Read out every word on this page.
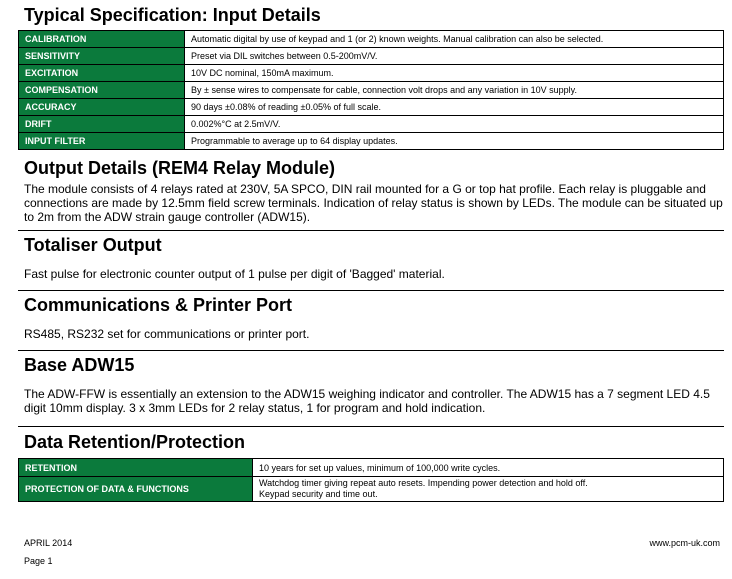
Typical Specification: Input Details
CALIBRATION	Automatic digital by use of keypad and 1 (or 2) known weights. Manual calibration can also be selected.
SENSITIVITY	Preset via DIL switches between 0.5-200mV/V.
EXCITATION	10V DC nominal, 150mA maximum.
COMPENSATION	By ± sense wires to compensate for cable, connection volt drops and any variation in 10V supply.
ACCURACY	90 days ±0.08% of reading ±0.05% of full scale.
DRIFT	0.002%°C at 2.5mV/V.
INPUT FILTER	Programmable to average up to 64 display updates.
Output Details (REM4 Relay Module)

The module consists of 4 relays rated at 230V, 5A SPCO, DIN rail mounted for a G or top hat profile. Each relay is pluggable and connections are made by 12.5mm field screw terminals. Indication of relay status is shown by LEDs. The module can be situated up to 2m from the ADW strain gauge controller (ADW15).

Totaliser Output

Fast pulse for electronic counter output of 1 pulse per digit of 'Bagged' material.

Communications & Printer Port

RS485, RS232 set for communications or printer port.

Base ADW15

The ADW-FFW is essentially an extension to the ADW15 weighing indicator and controller. The ADW15 has a 7 segment LED 4.5 digit 10mm display. 3 x 3mm LEDs for 2 relay status, 1 for program and hold indication.

Data Retention/Protection
RETENTION	10 years for set up values, minimum of 100,000 write cycles.
PROTECTION OF DATA & FUNCTIONS	Watchdog timer giving repeat auto resets. Impending power detection and hold off.
Keypad security and time out.
APRIL 2014
Page 1
www.pcm-uk.com
